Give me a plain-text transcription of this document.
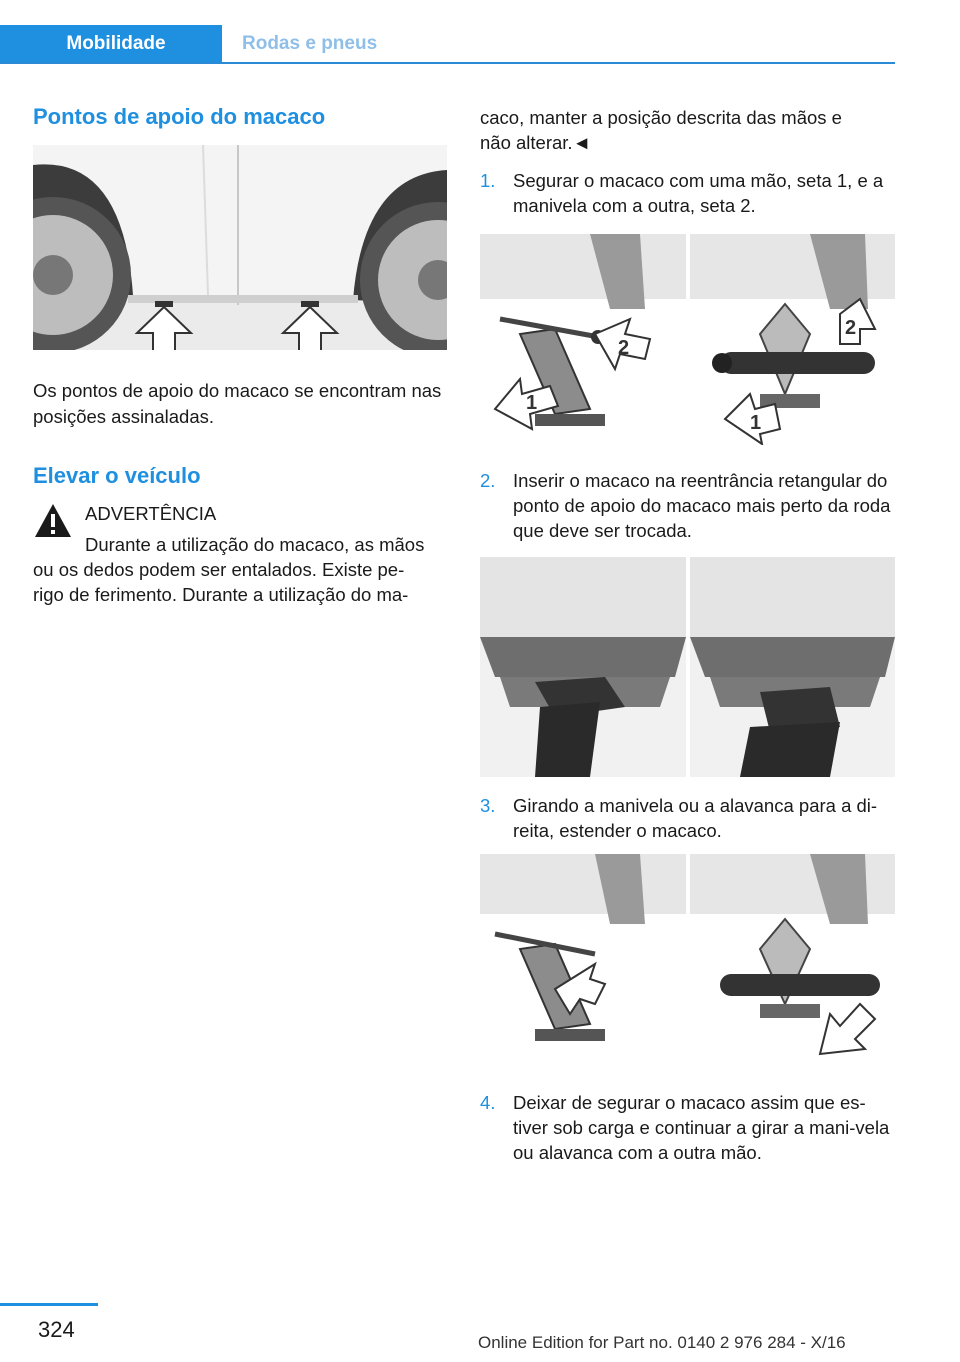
Mobilidade	Rodas e pneus
Pontos de apoio do macaco
Os pontos de apoio do macaco se encontram nas posições assinaladas.
Elevar o veículo
ADVERTÊNCIA
Durante a utilização do macaco, as mãos
ou os dedos podem ser entalados. Existe pe-
rigo de ferimento. Durante a utilização do ma-
caco, manter a posição descrita das mãos e
não alterar.◄
1. Segurar o macaco com uma mão, seta 1, e a manivela com a outra, seta 2.
1
2
2
1
2. Inserir o macaco na reentrância retangular do ponto de apoio do macaco mais perto da roda que deve ser trocada.
3. Girando a manivela ou a alavanca para a di-reita, estender o macaco.
4. Deixar de segurar o macaco assim que es-tiver sob carga e continuar a girar a mani-vela ou alavanca com a outra mão.
324
Online Edition for Part no. 0140 2 976 284 - X/16
